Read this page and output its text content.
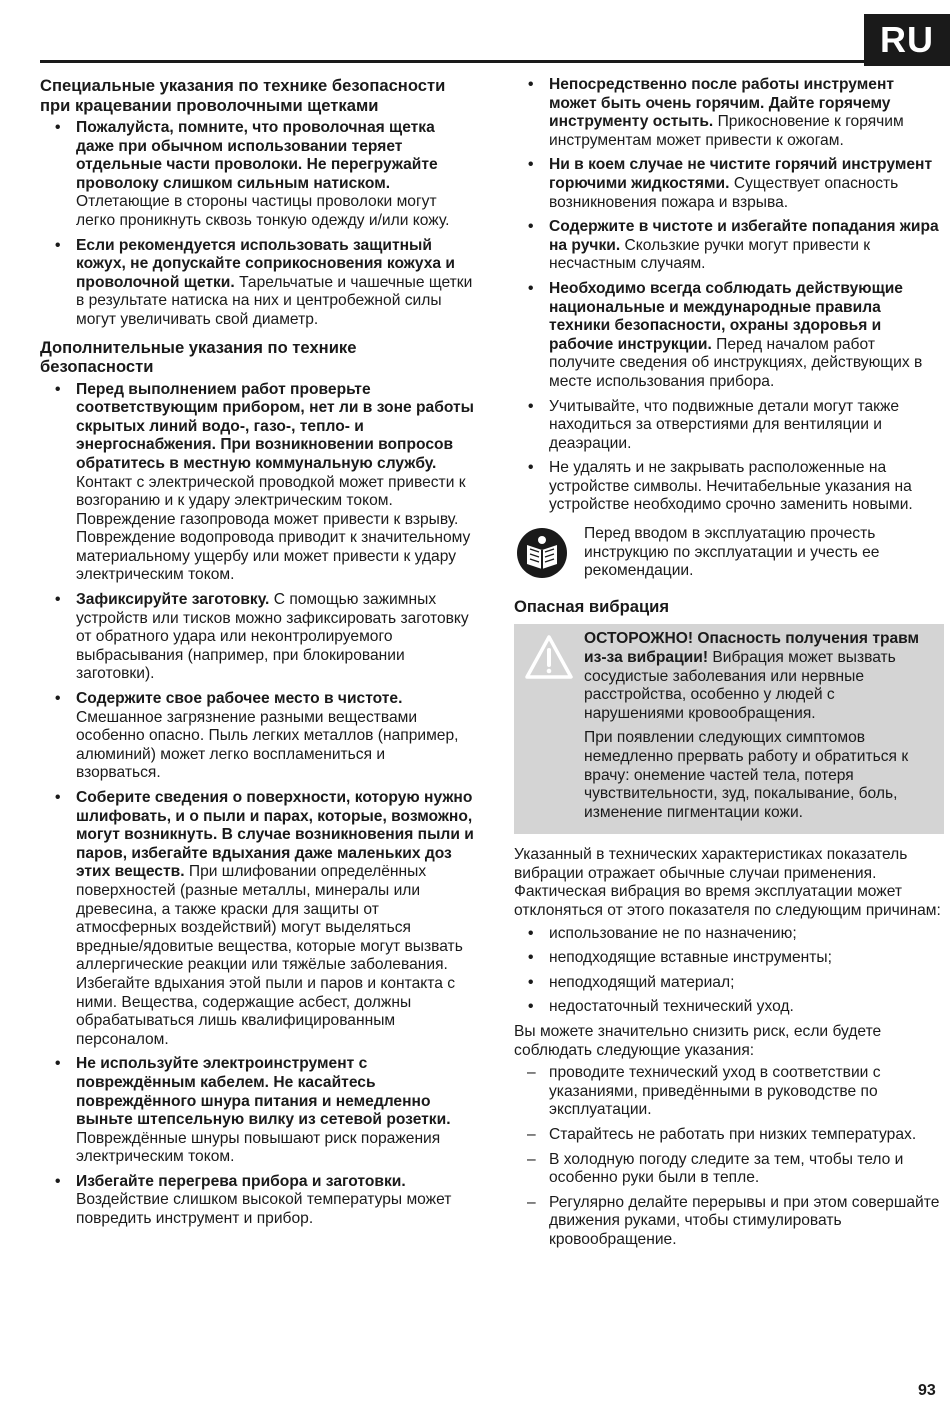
RU
Специальные указания по технике безопасности при крацевании проволочными щетками
• Пожалуйста, помните, что проволочная щетка даже при обычном использовании теряет отдельные части проволоки. Не перегружайте проволоку слишком сильным натиском. Отлетающие в стороны частицы проволоки могут легко проникнуть сквозь тонкую одежду и/или кожу.
• Если рекомендуется использовать защитный кожух, не допускайте соприкосновения кожуха и проволочной щетки. Тарельчатые и чашечные щетки в результате натиска на них и центробежной силы могут увеличивать свой диаметр.
Дополнительные указания по технике безопасности
• Перед выполнением работ проверьте соответствующим прибором, нет ли в зоне работы скрытых линий водо-, газо-, тепло- и энергоснабжения. При возникновении вопросов обратитесь в местную коммунальную службу. Контакт с электрической проводкой может привести к возгоранию и к удару электрическим током. Повреждение газопровода может привести к взрыву. Повреждение водопровода приводит к значительному материальному ущербу или может привести к удару электрическим током.
• Зафиксируйте заготовку. С помощью зажимных устройств или тисков можно зафиксировать заготовку от обратного удара или неконтролируемого выбрасывания (например, при блокировании заготовки).
• Содержите свое рабочее место в чистоте. Смешанное загрязнение разными веществами особенно опасно. Пыль легких металлов (например, алюминий) может легко воспламениться и взорваться.
• Соберите сведения о поверхности, которую нужно шлифовать, и о пыли и парах, которые, возможно, могут возникнуть. В случае возникновения пыли и паров, избегайте вдыхания даже маленьких доз этих веществ. При шлифовании определённых поверхностей (разные металлы, минералы или древесина, а также краски для защиты от атмосферных воздействий) могут выделяться вредные/ядовитые вещества, которые могут вызвать аллергические реакции или тяжёлые заболевания. Избегайте вдыхания этой пыли и паров и контакта с ними. Вещества, содержащие асбест, должны обрабатываться лишь квалифицированным персоналом.
• Не используйте электроинструмент с повреждённым кабелем. Не касайтесь повреждённого шнура питания и немедленно выньте штепсельную вилку из сетевой розетки. Повреждённые шнуры повышают риск поражения электрическим током.
• Избегайте перегрева прибора и заготовки. Воздействие слишком высокой температуры может повредить инструмент и прибор.
• Непосредственно после работы инструмент может быть очень горячим. Дайте горячему инструменту остыть. Прикосновение к горячим инструментам может привести к ожогам.
• Ни в коем случае не чистите горячий инструмент горючими жидкостями. Существует опасность возникновения пожара и взрыва.
• Содержите в чистоте и избегайте попадания жира на ручки. Скользкие ручки могут привести к несчастным случаям.
• Необходимо всегда соблюдать действующие национальные и международные правила техники безопасности, охраны здоровья и рабочие инструкции. Перед началом работ получите сведения об инструкциях, действующих в месте использования прибора.
• Учитывайте, что подвижные детали могут также находиться за отверстиями для вентиляции и деаэрации.
• Не удалять и не закрывать расположенные на устройстве символы. Нечитабельные указания на устройстве необходимо срочно заменить новыми.

Перед вводом в эксплуатацию прочесть инструкцию по эксплуатации и учесть ее рекомендации.

Опасная вибрация

ОСТОРОЖНО! Опасность получения травм из-за вибрации! Вибрация может вызвать сосудистые заболевания или нервные расстройства, особенно у людей с нарушениями кровообращения.

При появлении следующих симптомов немедленно прервать работу и обратиться к врачу: онемение частей тела, потеря чувствительности, зуд, покалывание, боль, изменение пигментации кожи.

Указанный в технических характеристиках показатель вибрации отражает обычные случаи применения. Фактическая вибрация во время эксплуатации может отклоняться от этого показателя по следующим причинам:

• использование не по назначению;
• неподходящие вставные инструменты;
• неподходящий материал;
• недостаточный технический уход.

Вы можете значительно снизить риск, если будете соблюдать следующие указания:

– проводите технический уход в соответствии с указаниями, приведёнными в руководстве по эксплуатации.
– Старайтесь не работать при низких температурах.
– В холодную погоду следите за тем, чтобы тело и особенно руки были в тепле.
– Регулярно делайте перерывы и при этом совершайте движения руками, чтобы стимулировать кровообращение.
93
